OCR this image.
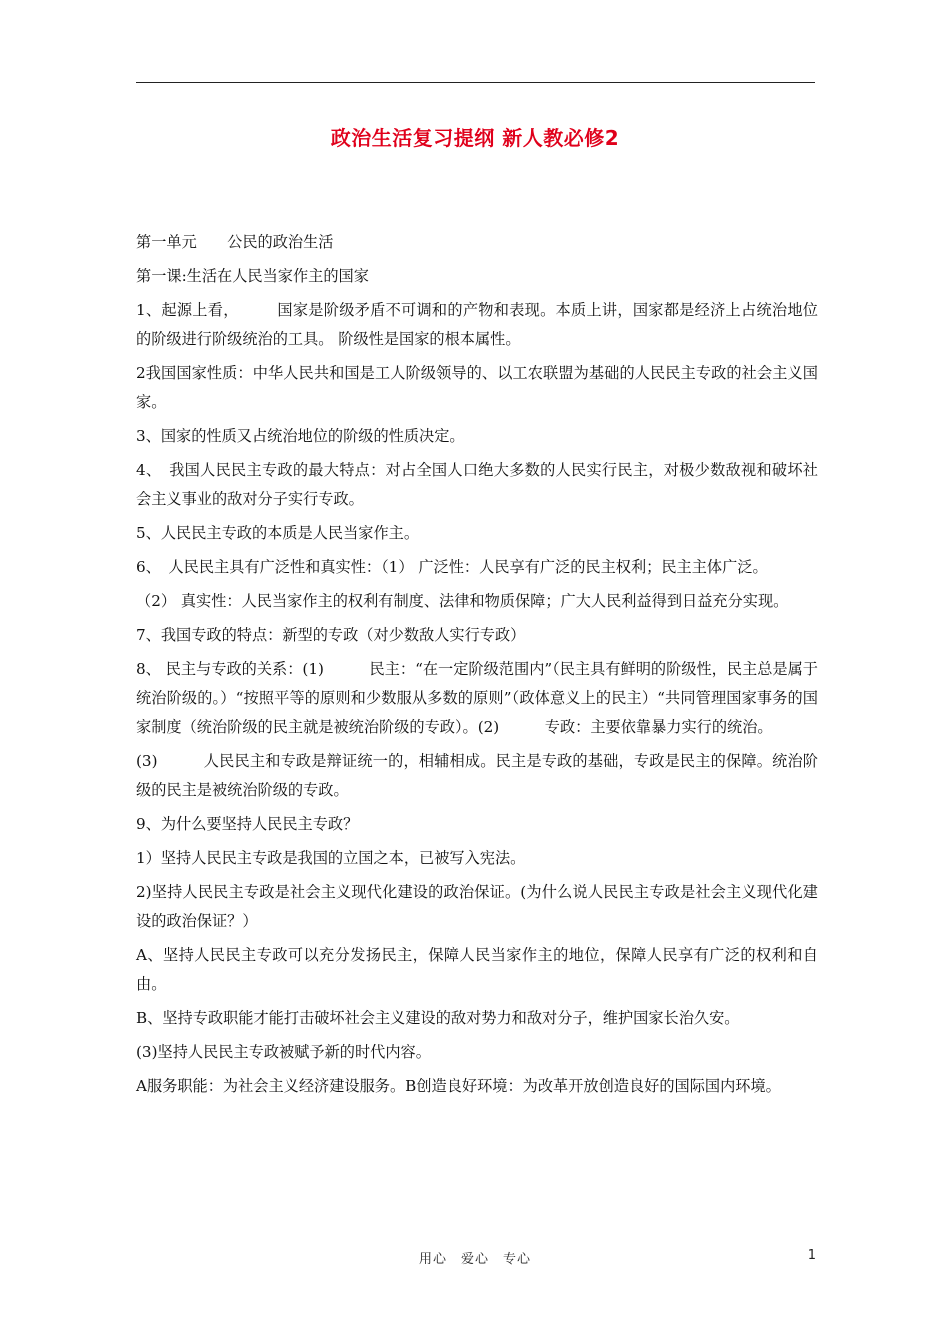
政治生活复习提纲 新人教必修2

第一单元　　公民的政治生活

第一课:生活在人民当家作主的国家

1、起源上看，　　　国家是阶级矛盾不可调和的产物和表现。本质上讲，国家都是经济上占统治地位的阶级进行阶级统治的工具。 阶级性是国家的根本属性。

2我国国家性质：中华人民共和国是工人阶级领导的、以工农联盟为基础的人民民主专政的社会主义国家。

3、国家的性质又占统治地位的阶级的性质决定。

4、　我国人民民主专政的最大特点：对占全国人口绝大多数的人民实行民主，对极少数敌视和破坏社会主义事业的敌对分子实行专政。

5、人民民主专政的本质是人民当家作主。

6、　人民民主具有广泛性和真实性：（1） 广泛性：人民享有广泛的民主权利；民主主体广泛。

（2） 真实性：人民当家作主的权利有制度、法律和物质保障；广大人民利益得到日益充分实现。

7、我国专政的特点：新型的专政（对少数敌人实行专政）

8、 民主与专政的关系：(1)　　　民主：“在一定阶级范围内”（民主具有鲜明的阶级性，民主总是属于统治阶级的。）“按照平等的原则和少数服从多数的原则”（政体意义上的民主）“共同管理国家事务的国家制度（统治阶级的民主就是被统治阶级的专政）。(2)　　　专政：主要依靠暴力实行的统治。

(3)　　　人民民主和专政是辩证统一的，相辅相成。民主是专政的基础，专政是民主的保障。统治阶级的民主是被统治阶级的专政。

9、为什么要坚持人民民主专政？

1）坚持人民民主专政是我国的立国之本，已被写入宪法。

2)坚持人民民主专政是社会主义现代化建设的政治保证。(为什么说人民民主专政是社会主义现代化建设的政治保证？）

A、坚持人民民主专政可以充分发扬民主，保障人民当家作主的地位，保障人民享有广泛的权利和自由。

B、坚持专政职能才能打击破坏社会主义建设的敌对势力和敌对分子，维护国家长治久安。

(3)坚持人民民主专政被赋予新的时代内容。

A服务职能：为社会主义经济建设服务。B创造良好环境：为改革开放创造良好的国际国内环境。

用心　爱心　专心	1
